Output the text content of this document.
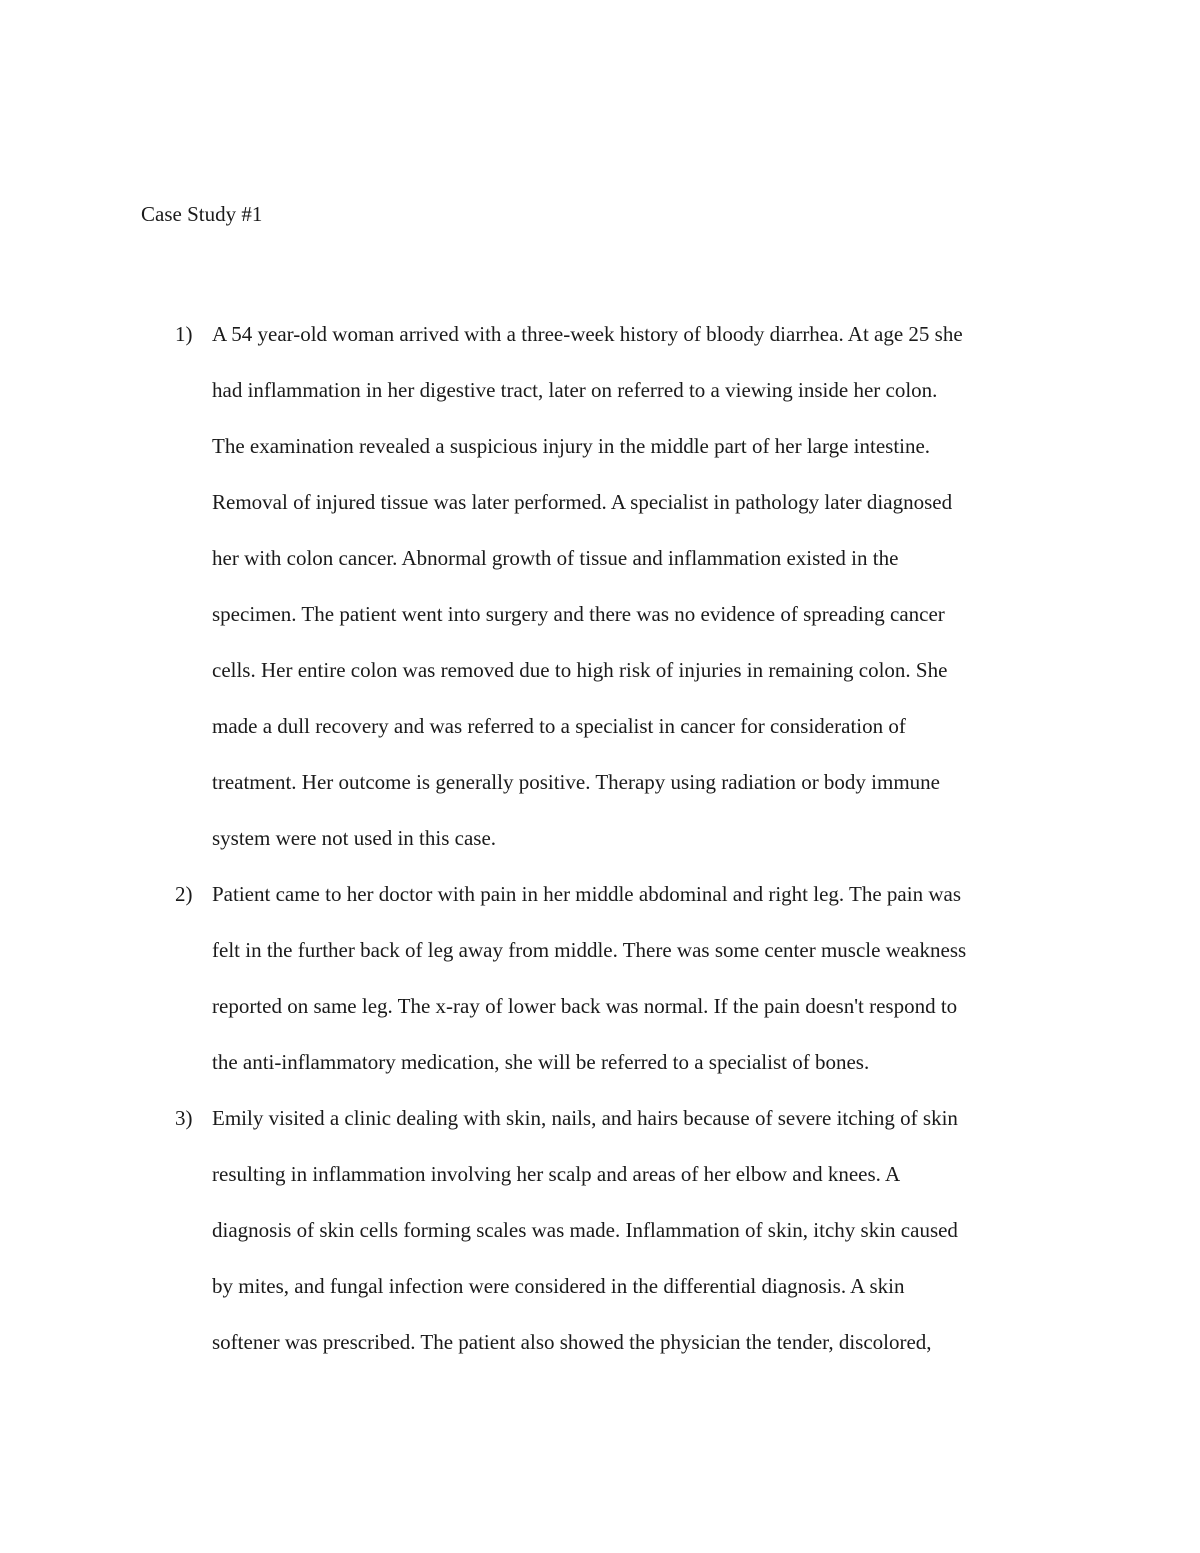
Case Study #1
1) A 54 year-old woman arrived with a three-week history of bloody diarrhea. At age 25 she
had inflammation in her digestive tract, later on referred to a viewing inside her colon.
The examination revealed a suspicious injury in the middle part of her large intestine.
Removal of injured tissue was later performed. A specialist in pathology later diagnosed
her with colon cancer. Abnormal growth of tissue and inflammation existed in the
specimen. The patient went into surgery and there was no evidence of spreading cancer
cells. Her entire colon was removed due to high risk of injuries in remaining colon. She
made a dull recovery and was referred to a specialist in cancer for consideration of
treatment. Her outcome is generally positive. Therapy using radiation or body immune
system were not used in this case.
2) Patient came to her doctor with pain in her middle abdominal and right leg. The pain was
felt in the further back of leg away from middle. There was some center muscle weakness
reported on same leg. The x-ray of lower back was normal. If the pain doesn't respond to
the anti-inflammatory medication, she will be referred to a specialist of bones.
3) Emily visited a clinic dealing with skin, nails, and hairs because of severe itching of skin
resulting in inflammation involving her scalp and areas of her elbow and knees. A
diagnosis of skin cells forming scales was made. Inflammation of skin, itchy skin caused
by mites, and fungal infection were considered in the differential diagnosis. A skin
softener was prescribed. The patient also showed the physician the tender, discolored,
